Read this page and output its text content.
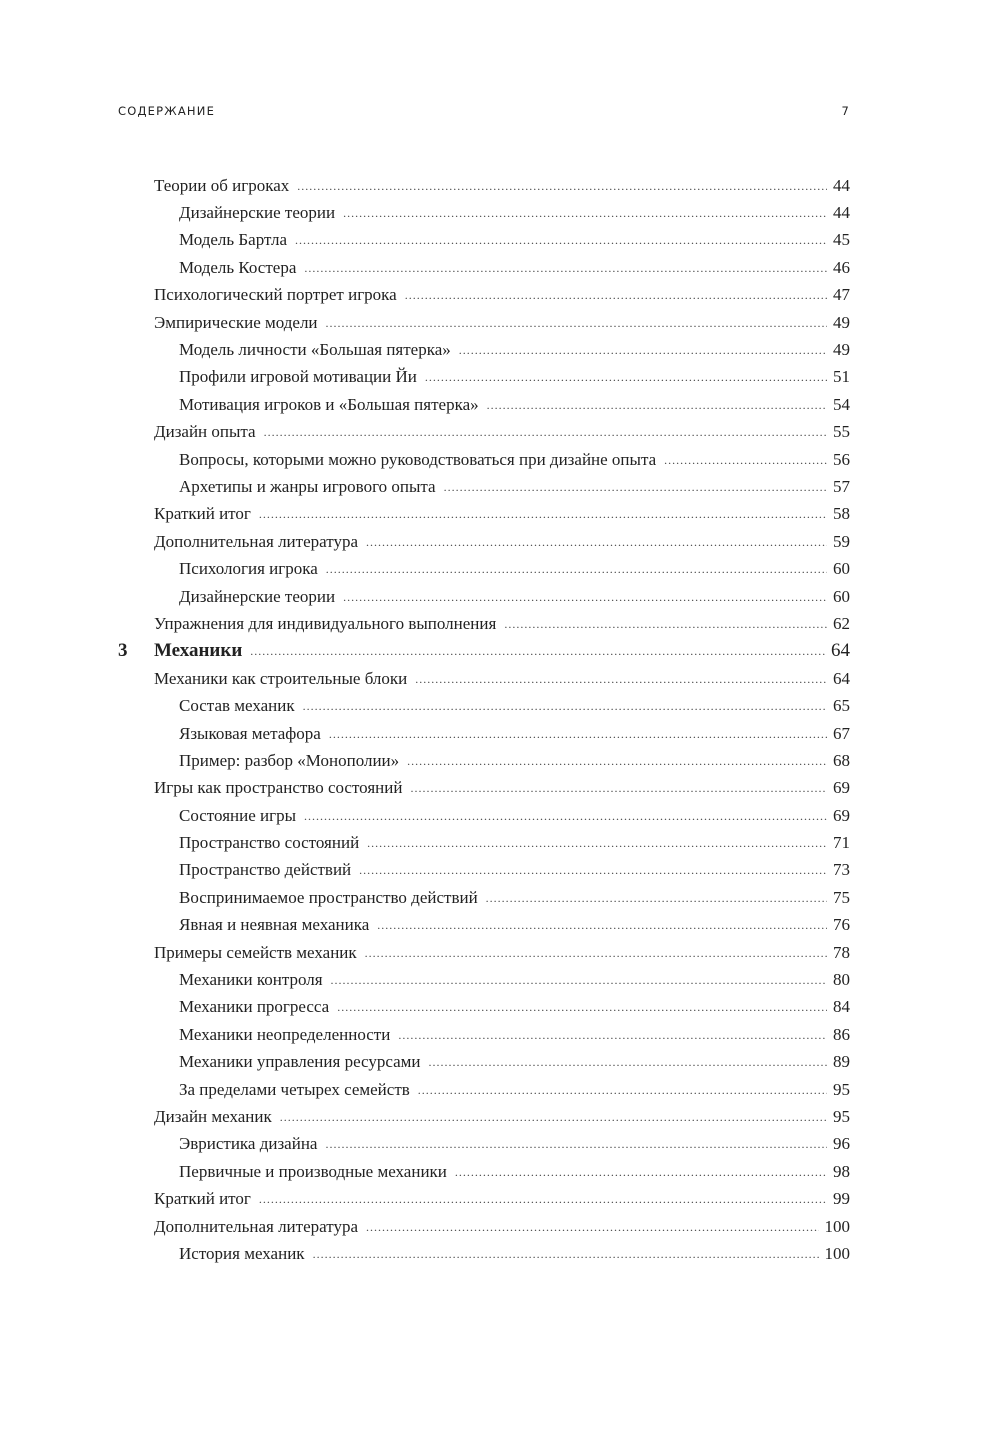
СОДЕРЖАНИЕ	7
Теории об игроках .....	44
Дизайнерские теории .....	44
Модель Бартла .....	45
Модель Костера .....	46
Психологический портрет игрока .....	47
Эмпирические модели .....	49
Модель личности «Большая пятерка» .....	49
Профили игровой мотивации Йи .....	51
Мотивация игроков и «Большая пятерка» .....	54
Дизайн опыта .....	55
Вопросы, которыми можно руководствоваться при дизайне опыта .....	56
Архетипы и жанры игрового опыта .....	57
Краткий итог .....	58
Дополнительная литература .....	59
Психология игрока .....	60
Дизайнерские теории .....	60
Упражнения для индивидуального выполнения .....	62
3	Механики .....	64
Механики как строительные блоки .....	64
Состав механик .....	65
Языковая метафора .....	67
Пример: разбор «Монополии» .....	68
Игры как пространство состояний .....	69
Состояние игры .....	69
Пространство состояний .....	71
Пространство действий .....	73
Воспринимаемое пространство действий .....	75
Явная и неявная механика .....	76
Примеры семейств механик .....	78
Механики контроля .....	80
Механики прогресса .....	84
Механики неопределенности .....	86
Механики управления ресурсами .....	89
За пределами четырех семейств .....	95
Дизайн механик .....	95
Эвристика дизайна .....	96
Первичные и производные механики .....	98
Краткий итог .....	99
Дополнительная литература .....	100
История механик .....	100
